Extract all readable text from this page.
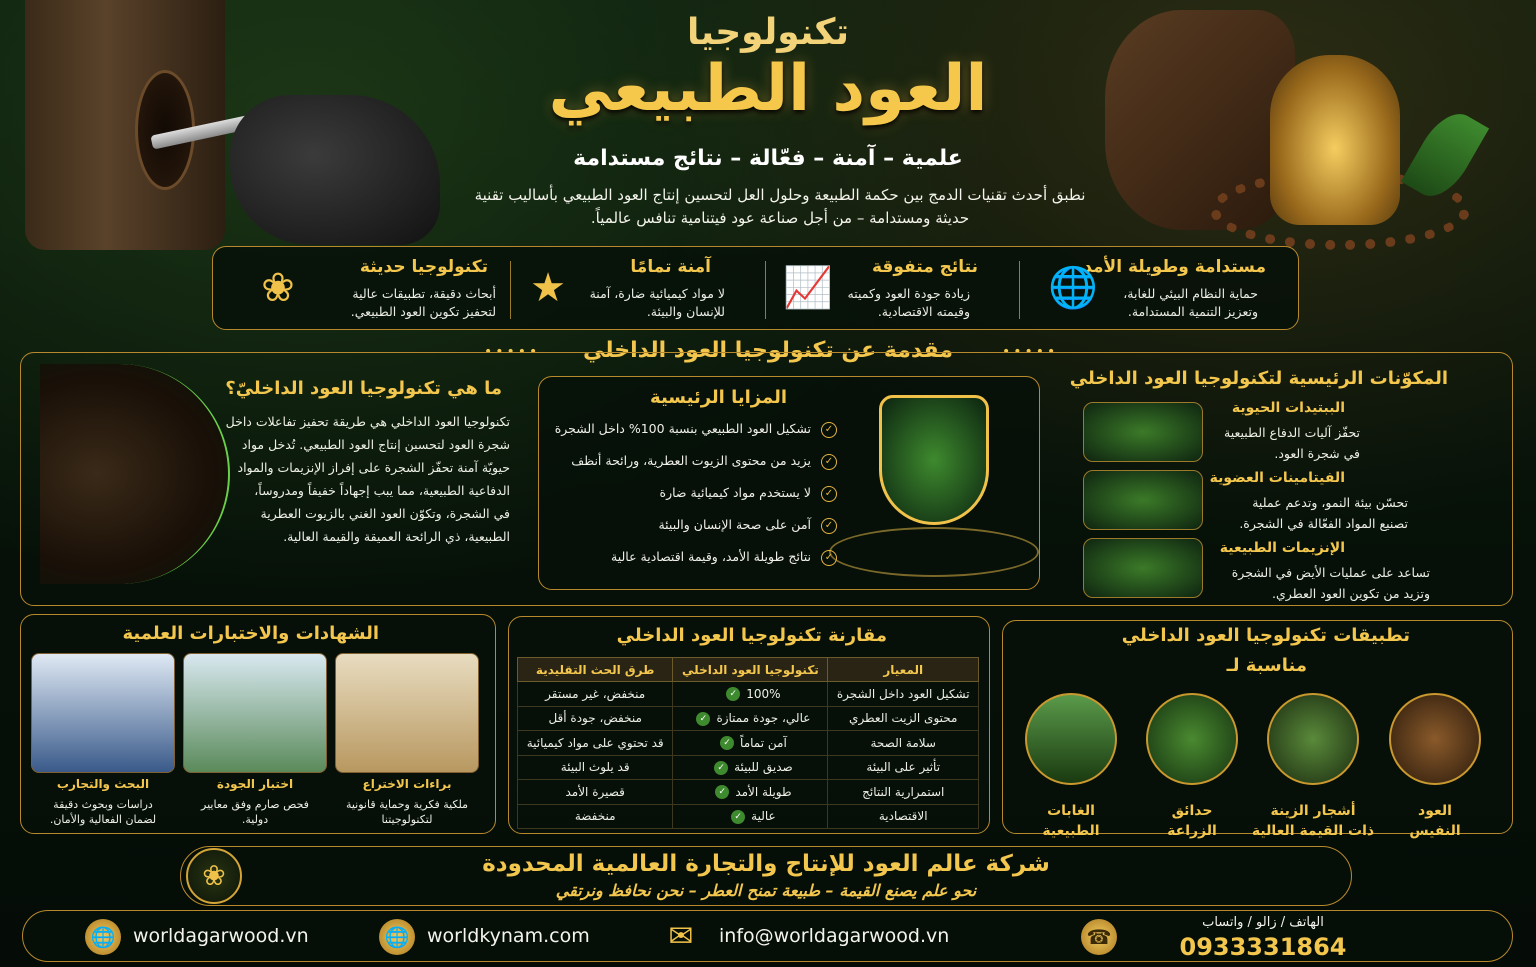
تكنولوجيا
العود الطبيعي
علمية – آمنة – فعّالة – نتائج مستدامة
نطبق أحدث تقنيات الدمج بين حكمة الطبيعة وحلول العل لتحسين إنتاج العود الطبيعي بأساليب تقنية حديثة ومستدامة – من أجل صناعة عود فيتنامية تنافس عالمياً.
مستدامة وطويلة الأمد
حماية النظام البيئي للغابة،
وتعزيز التنمية المستدامة.
🌐
نتائج متفوقة
زيادة جودة العود وكميته
وقيمته الاقتصادية.
📈
آمنة تمامًا
لا مواد كيميائية ضارة، آمنة
للإنسان والبيئة.
★
تكنولوجيا حديثة
أبحاث دقيقة، تطبيقات عالية
لتحفيز تكوين العود الطبيعي.
❀
•••••	مقدمة عن تكنولوجيا العود الداخلي	•••••
ما هي تكنولوجيا العود الداخليّ؟
تكنولوجيا العود الداخلي هي طريقة تحفيز تفاعلات داخل
شجرة العود لتحسين إنتاج العود الطبيعي. تُدخل مواد
حيويّة آمنة تحفّز الشجرة على إفراز الإنزيمات والمواد
الدفاعية الطبيعية، مما يبب إجهاداً خفيفاً ومدروساً،
في الشجرة، وتكوّن العود الغني بالزيوت العطرية
الطبيعية، ذي الرائحة العميقة والقيمة العالية.
المزايا الرئيسية
✓تشكيل العود الطبيعي بنسبة 100% داخل الشجرة
✓يزيد من محتوى الزيوت العطرية، ورائحة أنظف
✓لا يستخدم مواد كيميائية ضارة
✓آمن على صحة الإنسان والبيئة
✓نتائج طويلة الأمد، وقيمة اقتصادية عالية
المكوّنات الرئيسية لتكنولوجيا العود الداخلي
الببتيدات الحيوية
تحفّز آليات الدفاع الطبيعية
في شجرة العود.
الفيتامينات العضوية
تحسّن بيئة النمو، وتدعم عملية
تصنيع المواد الفعّالة في الشجرة.
الإنزيمات الطبيعية
تساعد على عمليات الأيض في الشجرة
وتزيد من تكوين العود العطري.
الشهادات والاختبارات العلمية
براءات الاختراع
ملكية فكرية وحماية قانونية
لتكنولوجيتنا
اختبار الجودة
فحص صارم وفق معايير
دولية.
البحث والتجارب
دراسات وبحوث دقيقة
لضمان الفعالية والأمان.
مقارنة تكنولوجيا العود الداخلي
المعيار	تكنولوجيا العود الداخلي	طرق الحث التقليدية
تشكيل العود داخل الشجرة	100%✓	منخفض، غير مستقر
محتوى الزيت العطري	عالي، جودة ممتازة✓	منخفض، جودة أقل
سلامة الصحة	آمن تماماً✓	قد تحتوي على مواد كيميائية
تأثير على البيئة	صديق للبيئة✓	قد يلوث البيئة
استمرارية النتائج	طويلة الأمد✓	قصيرة الأمد
الاقتصادية	عالية✓	منخفضة
تطبيقات تكنولوجيا العود الداخلي
مناسبة لـ
العود
النفيس
أشجار الزينة
ذات القيمة العالية
حدائق
الزراعة
الغابات
الطبيعية
شركة عالم العود للإنتاج والتجارة العالمية المحدودة
نحو علم يصنع القيمة – طبيعة تمنح العطر – نحن نحافظ ونرتقي
❀
🌐 worldagarwood.vn	🌐 worldkynam.com	✉ info@worldagarwood.vn	☎
الهاتف / زالو / واتساب
0933331864
